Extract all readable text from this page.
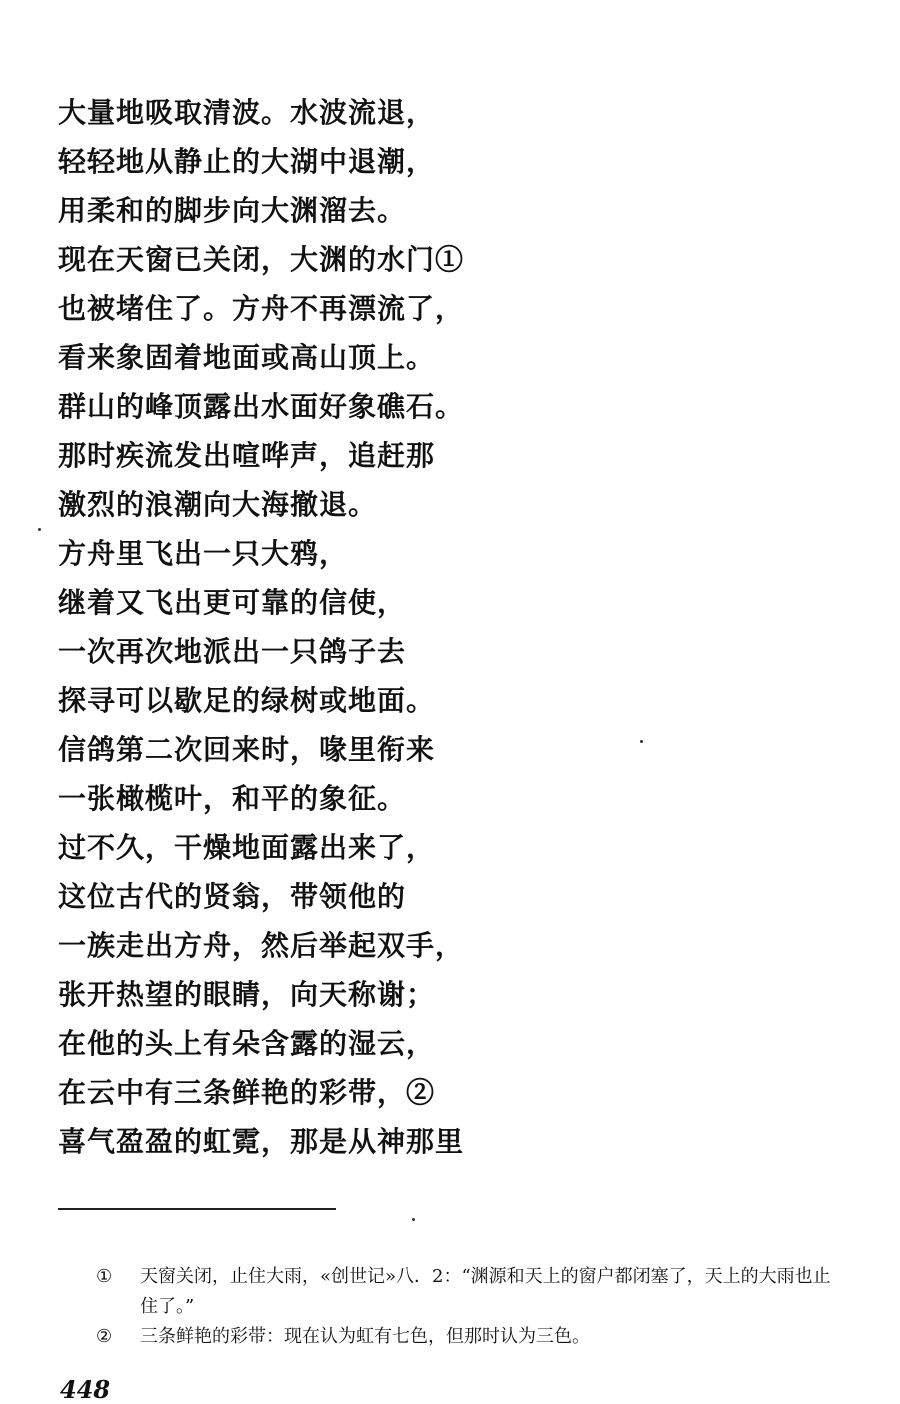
大量地吸取清波。水波流退，
轻轻地从静止的大湖中退潮，
用柔和的脚步向大渊溜去。
现在天窗已关闭，大渊的水门①
也被堵住了。方舟不再漂流了，
看来象固着地面或高山顶上。
群山的峰顶露出水面好象礁石。
那时疾流发出喧哗声，追赶那
激烈的浪潮向大海撤退。
方舟里飞出一只大鸦，
继着又飞出更可靠的信使，
一次再次地派出一只鸽子去
探寻可以歇足的绿树或地面。
信鸽第二次回来时，喙里衔来
一张橄榄叶，和平的象征。
过不久，干燥地面露出来了，
这位古代的贤翁，带领他的
一族走出方舟，然后举起双手，
张开热望的眼睛，向天称谢；
在他的头上有朵含露的湿云，
在云中有三条鲜艳的彩带，②
喜气盈盈的虹霓，那是从神那里
①	天窗关闭，止住大雨，«创世记»八．2：“渊源和天上的窗户都闭塞了，天上的大雨也止住了。”
②	三条鲜艳的彩带：现在认为虹有七色，但那时认为三色。
448
